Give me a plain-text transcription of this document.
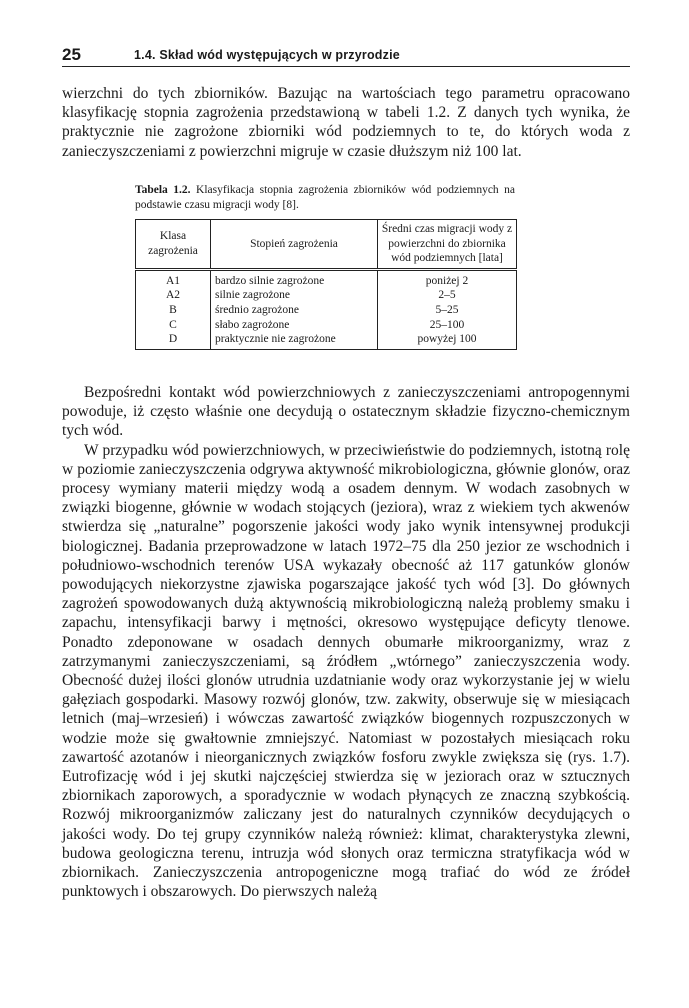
25	1.4. Skład wód występujących w przyrodzie

wierzchni do tych zbiorników. Bazując na wartościach tego parametru opracowano klasyfikację stopnia zagrożenia przedstawioną w tabeli 1.2. Z danych tych wynika, że praktycznie nie zagrożone zbiorniki wód podziemnych to te, do których woda z zanieczyszczeniami z powierzchni migruje w czasie dłuższym niż 100 lat.

Tabela 1.2. Klasyfikacja stopnia zagrożenia zbiorników wód podziemnych na podstawie czasu migracji wody [8].
Klasa zagrożenia	Stopień zagrożenia	Średni czas migracji wody z powierzchni do zbiornika wód podziemnych [lata]
A1	bardzo silnie zagrożone	poniżej 2
A2	silnie zagrożone	2–5
B	średnio zagrożone	5–25
C	słabo zagrożone	25–100
D	praktycznie nie zagrożone	powyżej 100

Bezpośredni kontakt wód powierzchniowych z zanieczyszczeniami antropogennymi powoduje, iż często właśnie one decydują o ostatecznym składzie fizyczno-chemicznym tych wód.

W przypadku wód powierzchniowych, w przeciwieństwie do podziemnych, istotną rolę w poziomie zanieczyszczenia odgrywa aktywność mikrobiologiczna, głównie glonów, oraz procesy wymiany materii między wodą a osadem dennym. W wodach zasobnych w związki biogenne, głównie w wodach stojących (jeziora), wraz z wiekiem tych akwenów stwierdza się „naturalne” pogorszenie jakości wody jako wynik intensywnej produkcji biologicznej. Badania przeprowadzone w latach 1972–75 dla 250 jezior ze wschodnich i południowo-wschodnich terenów USA wykazały obecność aż 117 gatunków glonów powodujących niekorzystne zjawiska pogarszające jakość tych wód [3]. Do głównych zagrożeń spowodowanych dużą aktywnością mikrobiologiczną należą problemy smaku i zapachu, intensyfikacji barwy i mętności, okresowo występujące deficyty tlenowe. Ponadto zdeponowane w osadach dennych obumarłe mikroorganizmy, wraz z zatrzymanymi zanieczyszczeniami, są źródłem „wtórnego” zanieczyszczenia wody. Obecność dużej ilości glonów utrudnia uzdatnianie wody oraz wykorzystanie jej w wielu gałęziach gospodarki. Masowy rozwój glonów, tzw. zakwity, obserwuje się w miesiącach letnich (maj–wrzesień) i wówczas zawartość związków biogennych rozpuszczonych w wodzie może się gwałtownie zmniejszyć. Natomiast w pozostałych miesiącach roku zawartość azotanów i nieorganicznych związków fosforu zwykle zwiększa się (rys. 1.7). Eutrofizację wód i jej skutki najczęściej stwierdza się w jeziorach oraz w sztucznych zbiornikach zaporowych, a sporadycznie w wodach płynących ze znaczną szybkością. Rozwój mikroorganizmów zaliczany jest do naturalnych czynników decydujących o jakości wody. Do tej grupy czynników należą również: klimat, charakterystyka zlewni, budowa geologiczna terenu, intruzja wód słonych oraz termiczna stratyfikacja wód w zbiornikach. Zanieczyszczenia antropogeniczne mogą trafiać do wód ze źródeł punktowych i obszarowych. Do pierwszych należą
